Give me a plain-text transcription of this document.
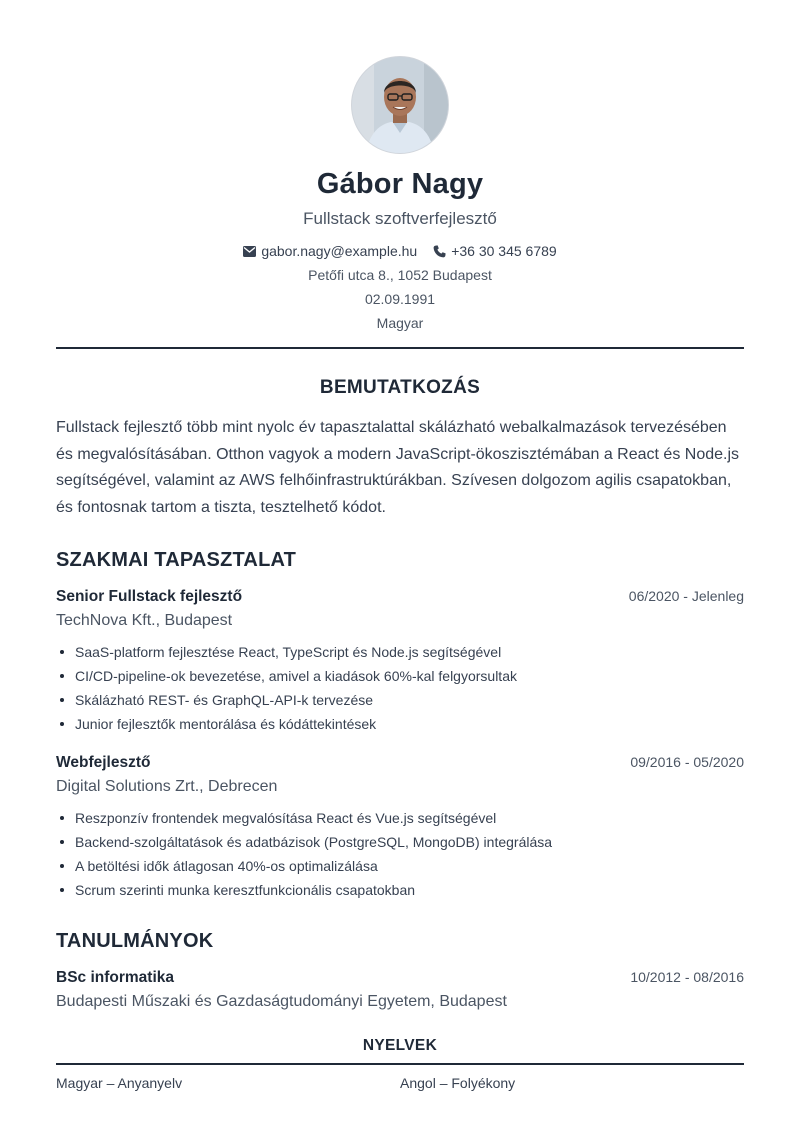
Gábor Nagy
Fullstack szoftverfejlesztő
gabor.nagy@example.hu +36 30 345 6789
Petőfi utca 8., 1052 Budapest
02.09.1991
Magyar
BEMUTATKOZÁS
Fullstack fejlesztő több mint nyolc év tapasztalattal skálázható webalkalmazások tervezésében és megvalósításában. Otthon vagyok a modern JavaScript-ökoszisztémában a React és Node.js segítségével, valamint az AWS felhőinfrastruktúrákban. Szívesen dolgozom agilis csapatokban, és fontosnak tartom a tiszta, tesztelhető kódot.
SZAKMAI TAPASZTALAT
Senior Fullstack fejlesztő	06/2020 - Jelenleg
TechNova Kft., Budapest
SaaS-platform fejlesztése React, TypeScript és Node.js segítségével
CI/CD-pipeline-ok bevezetése, amivel a kiadások 60%-kal felgyorsultak
Skálázható REST- és GraphQL-API-k tervezése
Junior fejlesztők mentorálása és kódáttekintések
Webfejlesztő	09/2016 - 05/2020
Digital Solutions Zrt., Debrecen
Reszponzív frontendek megvalósítása React és Vue.js segítségével
Backend-szolgáltatások és adatbázisok (PostgreSQL, MongoDB) integrálása
A betöltési idők átlagosan 40%-os optimalizálása
Scrum szerinti munka keresztfunkcionális csapatokban
TANULMÁNYOK
BSc informatika	10/2012 - 08/2016
Budapesti Műszaki és Gazdaságtudományi Egyetem, Budapest
NYELVEK
Magyar – Anyanyelv	Angol – Folyékony
